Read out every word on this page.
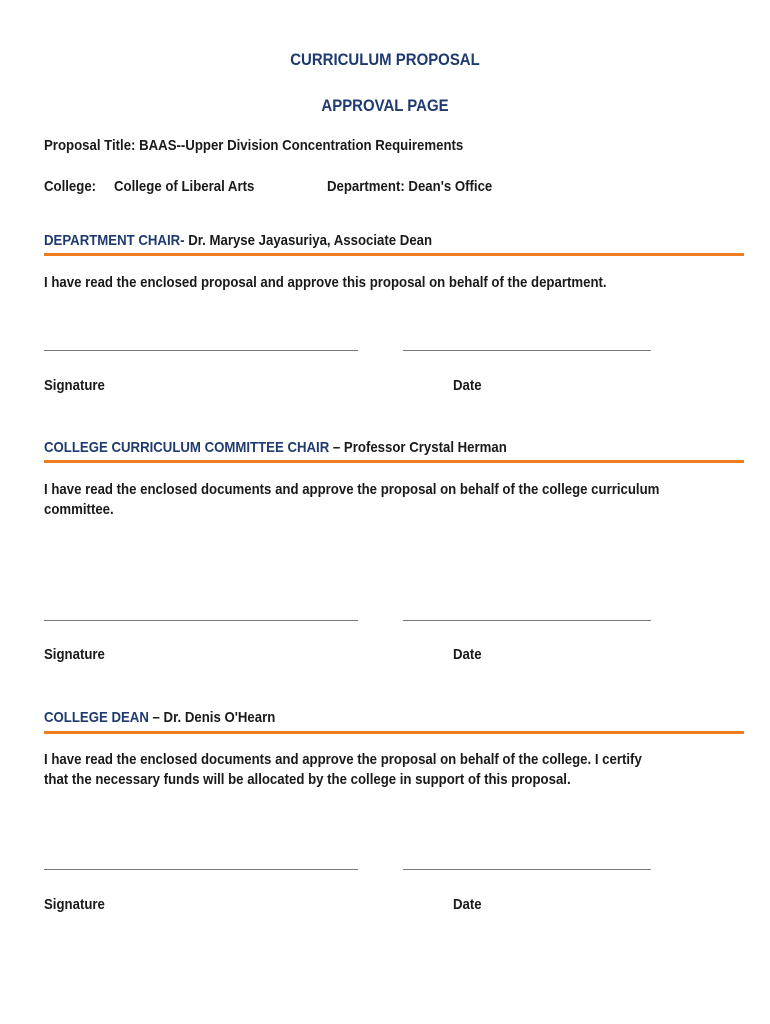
CURRICULUM PROPOSAL
APPROVAL PAGE
Proposal Title: BAAS--Upper Division Concentration Requirements
College: College of Liberal Arts	Department: Dean's Office
DEPARTMENT CHAIR- Dr. Maryse Jayasuriya, Associate Dean
I have read the enclosed proposal and approve this proposal on behalf of the department.
Signature	Date
COLLEGE CURRICULUM COMMITTEE CHAIR – Professor Crystal Herman
I have read the enclosed documents and approve the proposal on behalf of the college curriculum
committee.
Signature	Date
COLLEGE DEAN – Dr. Denis O'Hearn
I have read the enclosed documents and approve the proposal on behalf of the college. I certify
that the necessary funds will be allocated by the college in support of this proposal.
Signature	Date
